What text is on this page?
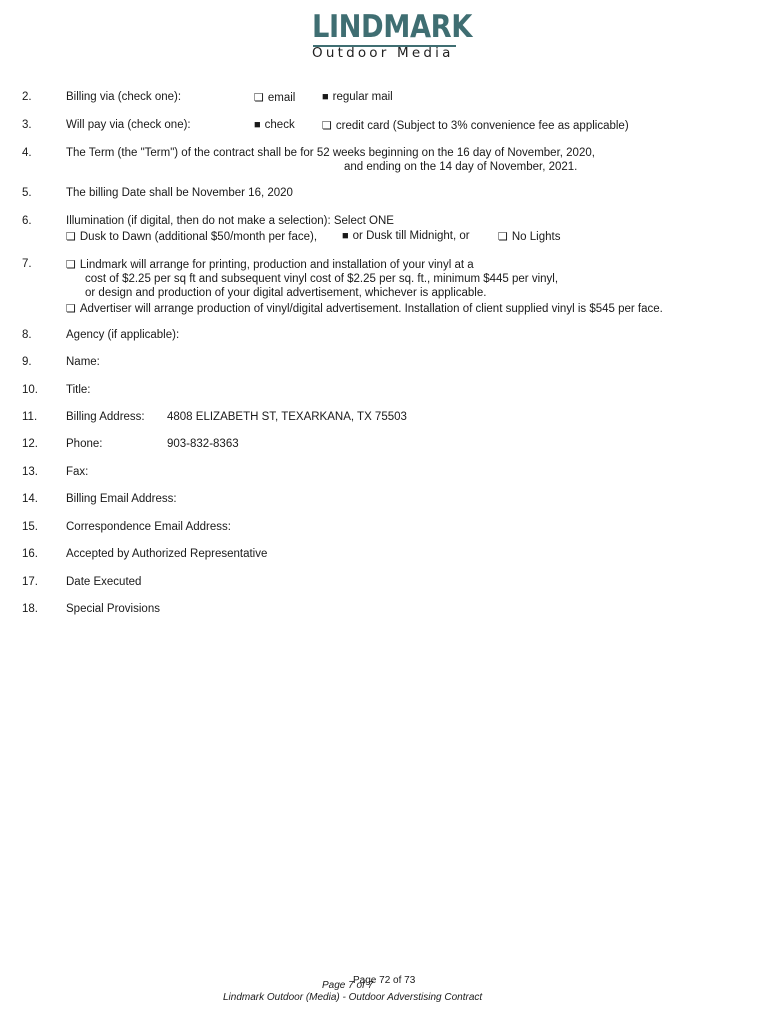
LINDMARK
Outdoor Media
2.	Billing via (check one):	❏ email ■ regular mail
3.	Will pay via (check one):	■ check ❏ credit card (Subject to 3% convenience fee as applicable)
4.	The Term (the "Term") of the contract shall be for 52 weeks beginning on the 16 day of November, 2020,
and ending on the 14 day of November, 2021.
5.	The billing Date shall be November 16, 2020
6.	Illumination (if digital, then do not make a selection): Select ONE
❏ Dusk to Dawn (additional $50/month per face), ■ or Dusk till Midnight, or	❏ No Lights
7.	❏ Lindmark will arrange for printing, production and installation of your vinyl at a
cost of $2.25 per sq ft and subsequent vinyl cost of $2.25 per sq. ft., minimum $445 per vinyl,
or design and production of your digital advertisement, whichever is applicable.
❏ Advertiser will arrange production of vinyl/digital advertisement. Installation of client supplied vinyl is $545 per face.
8.	Agency (if applicable):
9.	Name:
10. Title:
11.	Billing Address: 4808 ELIZABETH ST, TEXARKANA, TX 75503
12. Phone:	903-832-8363
13. Fax:
14. Billing Email Address:
15. Correspondence Email Address:
16. Accepted by Authorized Representative
17. Date Executed
18. Special Provisions
Page 72 of 73
Page 7 of 7
Lindmark Outdoor (Media) - Outdoor Adverstising Contract
